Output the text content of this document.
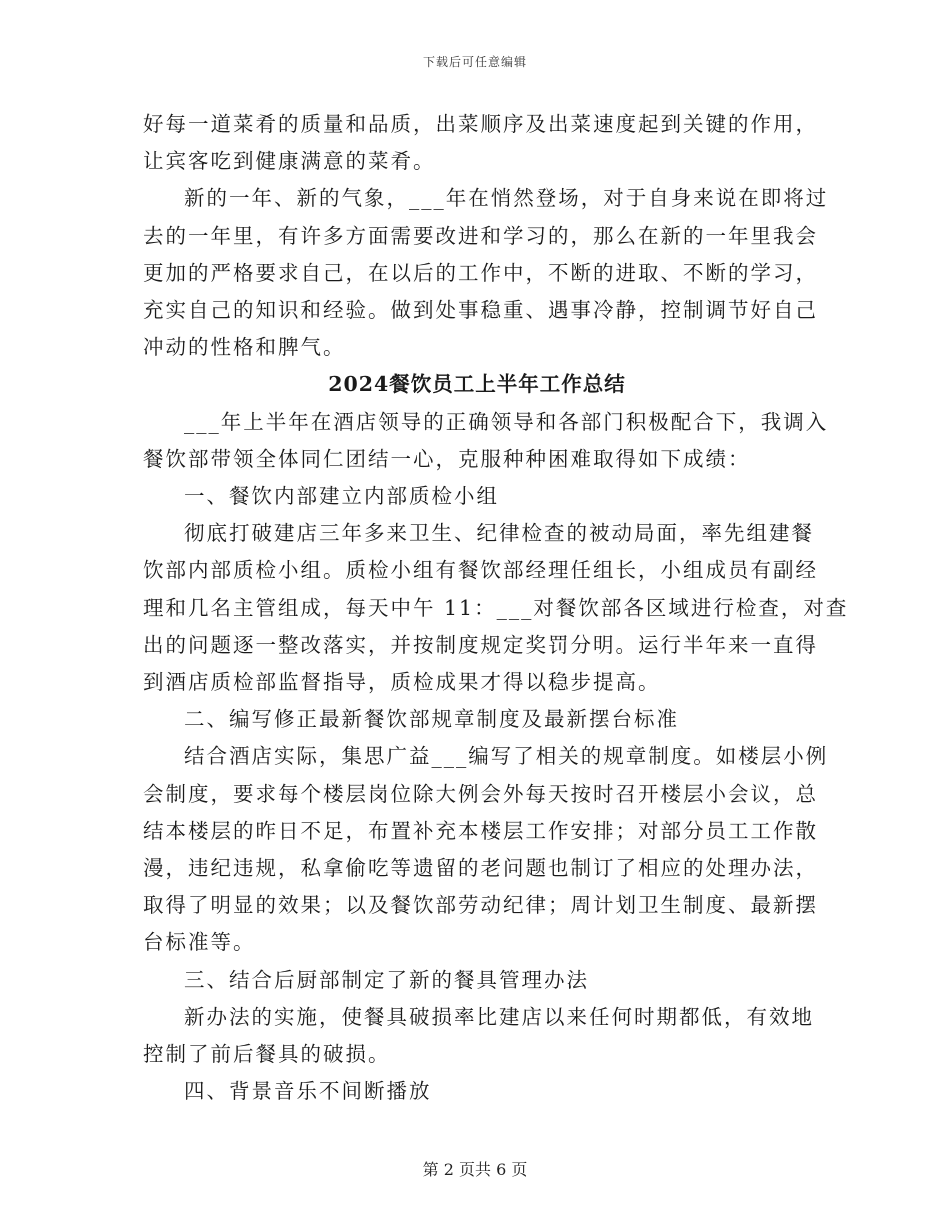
下载后可任意编辑
好每一道菜肴的质量和品质，出菜顺序及出菜速度起到关键的作用，
让宾客吃到健康满意的菜肴。
新的一年、新的气象，___年在悄然登场，对于自身来说在即将过
去的一年里，有许多方面需要改进和学习的，那么在新的一年里我会
更加的严格要求自己，在以后的工作中，不断的进取、不断的学习，
充实自己的知识和经验。做到处事稳重、遇事冷静，控制调节好自己
冲动的性格和脾气。
2024餐饮员工上半年工作总结
___年上半年在酒店领导的正确领导和各部门积极配合下，我调入
餐饮部带领全体同仁团结一心，克服种种困难取得如下成绩：
一、餐饮内部建立内部质检小组
彻底打破建店三年多来卫生、纪律检查的被动局面，率先组建餐
饮部内部质检小组。质检小组有餐饮部经理任组长，小组成员有副经
理和几名主管组成，每天中午 11：___对餐饮部各区域进行检查，对查
出的问题逐一整改落实，并按制度规定奖罚分明。运行半年来一直得
到酒店质检部监督指导，质检成果才得以稳步提高。
二、编写修正最新餐饮部规章制度及最新摆台标准
结合酒店实际，集思广益___编写了相关的规章制度。如楼层小例
会制度，要求每个楼层岗位除大例会外每天按时召开楼层小会议，总
结本楼层的昨日不足，布置补充本楼层工作安排；对部分员工工作散
漫，违纪违规，私拿偷吃等遗留的老问题也制订了相应的处理办法，
取得了明显的效果；以及餐饮部劳动纪律；周计划卫生制度、最新摆
台标准等。
三、结合后厨部制定了新的餐具管理办法
新办法的实施，使餐具破损率比建店以来任何时期都低，有效地
控制了前后餐具的破损。
四、背景音乐不间断播放
第 2 页共 6 页
